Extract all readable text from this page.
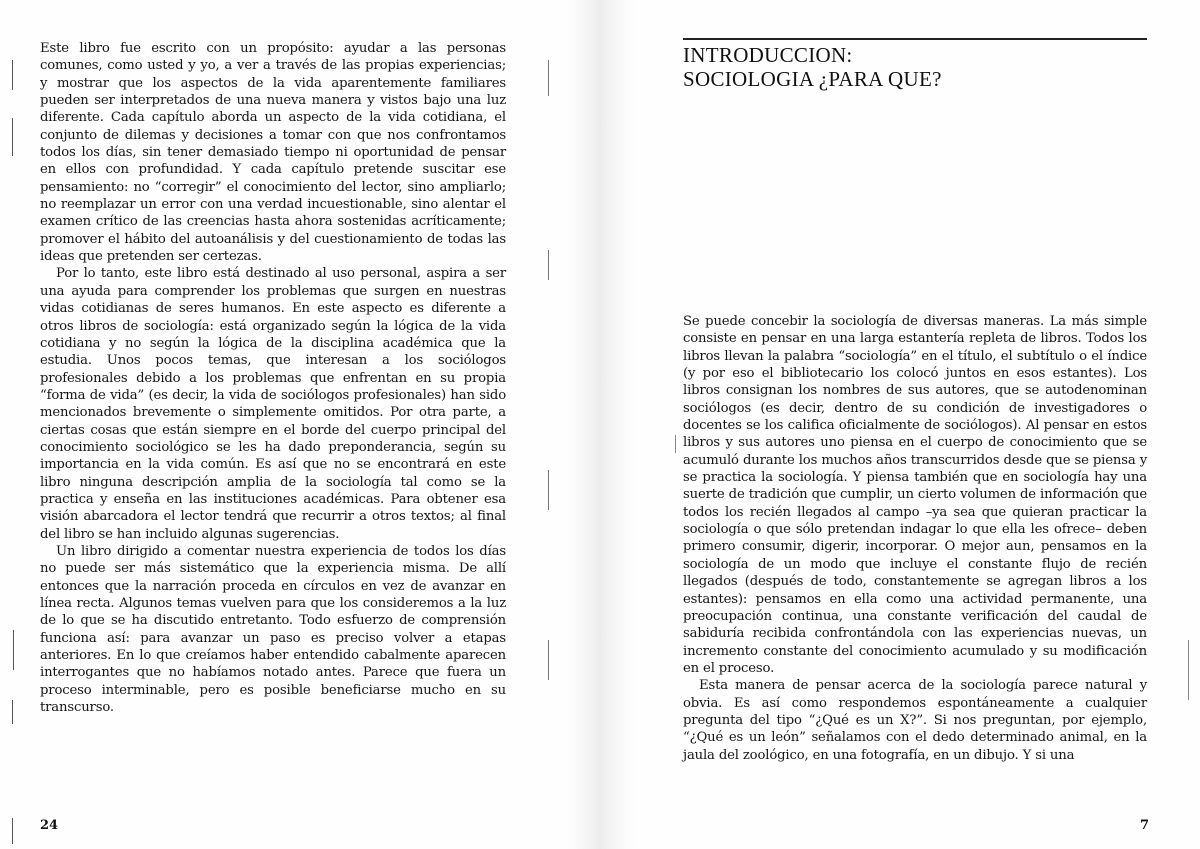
Este libro fue escrito con un propósito: ayudar a las personas comunes, como usted y yo, a ver a través de las propias experiencias; y mostrar que los aspectos de la vida aparentemente familiares pueden ser interpretados de una nueva manera y vistos bajo una luz diferente. Cada capítulo aborda un aspecto de la vida cotidiana, el conjunto de dilemas y decisiones a tomar con que nos confrontamos todos los días, sin tener demasiado tiempo ni oportunidad de pensar en ellos con profundidad. Y cada capítulo pretende suscitar ese pensamiento: no “corregir” el conocimiento del lector, sino ampliarlo; no reemplazar un error con una verdad incuestionable, sino alentar el examen crítico de las creencias hasta ahora sostenidas acríticamente; promover el hábito del autoanálisis y del cuestionamiento de todas las ideas que pretenden ser certezas.

Por lo tanto, este libro está destinado al uso personal, aspira a ser una ayuda para comprender los problemas que surgen en nuestras vidas cotidianas de seres humanos. En este aspecto es diferente a otros libros de sociología: está organizado según la lógica de la vida cotidiana y no según la lógica de la disciplina académica que la estudia. Unos pocos temas, que interesan a los sociólogos profesionales debido a los problemas que enfrentan en su propia “forma de vida” (es decir, la vida de sociólogos profesionales) han sido mencionados brevemente o simplemente omitidos. Por otra parte, a ciertas cosas que están siempre en el borde del cuerpo principal del conocimiento sociológico se les ha dado preponderancia, según su importancia en la vida común. Es así que no se encontrará en este libro ninguna descripción amplia de la sociología tal como se la practica y enseña en las instituciones académicas. Para obtener esa visión abarcadora el lector tendrá que recurrir a otros textos; al final del libro se han incluido algunas sugerencias.

Un libro dirigido a comentar nuestra experiencia de todos los días no puede ser más sistemático que la experiencia misma. De allí entonces que la narración proceda en círculos en vez de avanzar en línea recta. Algunos temas vuelven para que los consideremos a la luz de lo que se ha discutido entretanto. Todo esfuerzo de comprensión funciona así: para avanzar un paso es preciso volver a etapas anteriores. En lo que creíamos haber entendido cabalmente aparecen interrogantes que no habíamos notado antes. Parece que fuera un proceso interminable, pero es posible beneficiarse mucho en su transcurso.

24
INTRODUCCION:
SOCIOLOGIA ¿PARA QUE?

Se puede concebir la sociología de diversas maneras. La más simple consiste en pensar en una larga estantería repleta de libros. Todos los libros llevan la palabra “sociología” en el título, el subtítulo o el índice (y por eso el bibliotecario los colocó juntos en esos estantes). Los libros consignan los nombres de sus autores, que se autodenominan sociólogos (es decir, dentro de su condición de investigadores o docentes se los califica oficialmente de sociólogos). Al pensar en estos libros y sus autores uno piensa en el cuerpo de conocimiento que se acumuló durante los muchos años transcurridos desde que se piensa y se practica la sociología. Y piensa también que en sociología hay una suerte de tradición que cumplir, un cierto volumen de información que todos los recién llegados al campo –ya sea que quieran practicar la sociología o que sólo pretendan indagar lo que ella les ofrece– deben primero consumir, digerir, incorporar. O mejor aun, pensamos en la sociología de un modo que incluye el constante flujo de recién llegados (después de todo, constantemente se agregan libros a los estantes): pensamos en ella como una actividad permanente, una preocupación continua, una constante verificación del caudal de sabiduría recibida confrontándola con las experiencias nuevas, un incremento constante del conocimiento acumulado y su modificación en el proceso.

Esta manera de pensar acerca de la sociología parece natural y obvia. Es así como respondemos espontáneamente a cualquier pregunta del tipo “¿Qué es un X?”. Si nos preguntan, por ejemplo, “¿Qué es un león” señalamos con el dedo determinado animal, en la jaula del zoológico, en una fotografía, en un dibujo. Y si una

7
